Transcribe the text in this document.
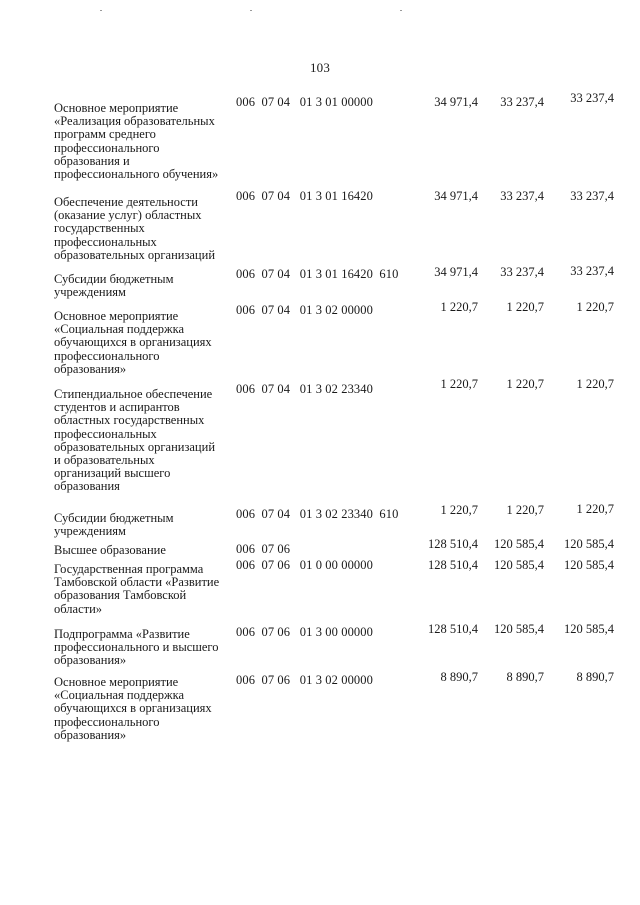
103
Основное мероприятие
«Реализация образовательных
программ среднего
профессионального
образования и
профессионального обучения»
006  07 04   01 3 01 00000	34 971,4	33 237,4	33 237,4
Обеспечение деятельности
(оказание услуг) областных
государственных
профессиональных
образовательных организаций
006  07 04   01 3 01 16420	34 971,4	33 237,4	33 237,4
Субсидии бюджетным
учреждениям
006  07 04   01 3 01 16420  610	34 971,4	33 237,4	33 237,4
Основное мероприятие
«Социальная поддержка
обучающихся в организациях
профессионального
образования»
006  07 04   01 3 02 00000	1 220,7	1 220,7	1 220,7
Стипендиальное обеспечение
студентов и аспирантов
областных государственных
профессиональных
образовательных организаций
и образовательных
организаций высшего
образования
006  07 04   01 3 02 23340	1 220,7	1 220,7	1 220,7
Субсидии бюджетным
учреждениям
006  07 04   01 3 02 23340  610	1 220,7	1 220,7	1 220,7
Высшее образование	006  07 06	128 510,4	120 585,4	120 585,4
Государственная программа
Тамбовской области «Развитие
образования Тамбовской
области»
006  07 06   01 0 00 00000	128 510,4	120 585,4	120 585,4
Подпрограмма «Развитие
профессионального и высшего
образования»
006  07 06   01 3 00 00000	128 510,4	120 585,4	120 585,4
Основное мероприятие
«Социальная поддержка
обучающихся в организациях
профессионального
образования»
006  07 06   01 3 02 00000	8 890,7	8 890,7	8 890,7
